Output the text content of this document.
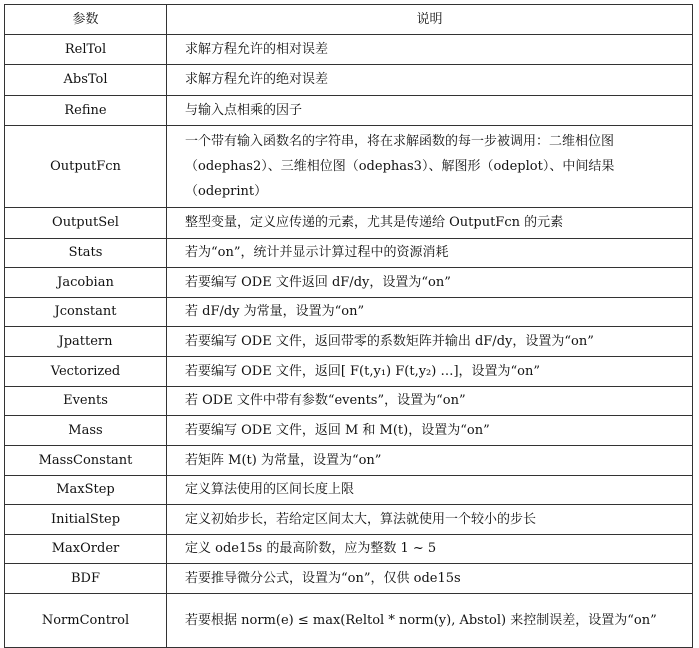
参数	说明
RelTol	求解方程允许的相对误差
AbsTol	求解方程允许的绝对误差
Refine	与输入点相乘的因子
OutputFcn	一个带有输入函数名的字符串，将在求解函数的每一步被调用：二维相位图（odephas2）、三维相位图（odephas3）、解图形（odeplot）、中间结果（odeprint）
OutputSel	整型变量，定义应传递的元素，尤其是传递给 OutputFcn 的元素
Stats	若为“on”，统计并显示计算过程中的资源消耗
Jacobian	若要编写 ODE 文件返回 dF/dy，设置为“on”
Jconstant	若 dF/dy 为常量，设置为“on”
Jpattern	若要编写 ODE 文件，返回带零的系数矩阵并输出 dF/dy，设置为“on”
Vectorized	若要编写 ODE 文件，返回[ F(t,y₁) F(t,y₂) …]，设置为“on”
Events	若 ODE 文件中带有参数“events”，设置为“on”
Mass	若要编写 ODE 文件，返回 M 和 M(t)，设置为“on”
MassConstant	若矩阵 M(t) 为常量，设置为“on”
MaxStep	定义算法使用的区间长度上限
InitialStep	定义初始步长，若给定区间太大，算法就使用一个较小的步长
MaxOrder	定义 ode15s 的最高阶数，应为整数 1 ~ 5
BDF	若要推导微分公式，设置为“on”，仅供 ode15s
NormControl	若要根据 norm(e) ≤ max(Reltol * norm(y), Abstol) 来控制误差，设置为“on”
